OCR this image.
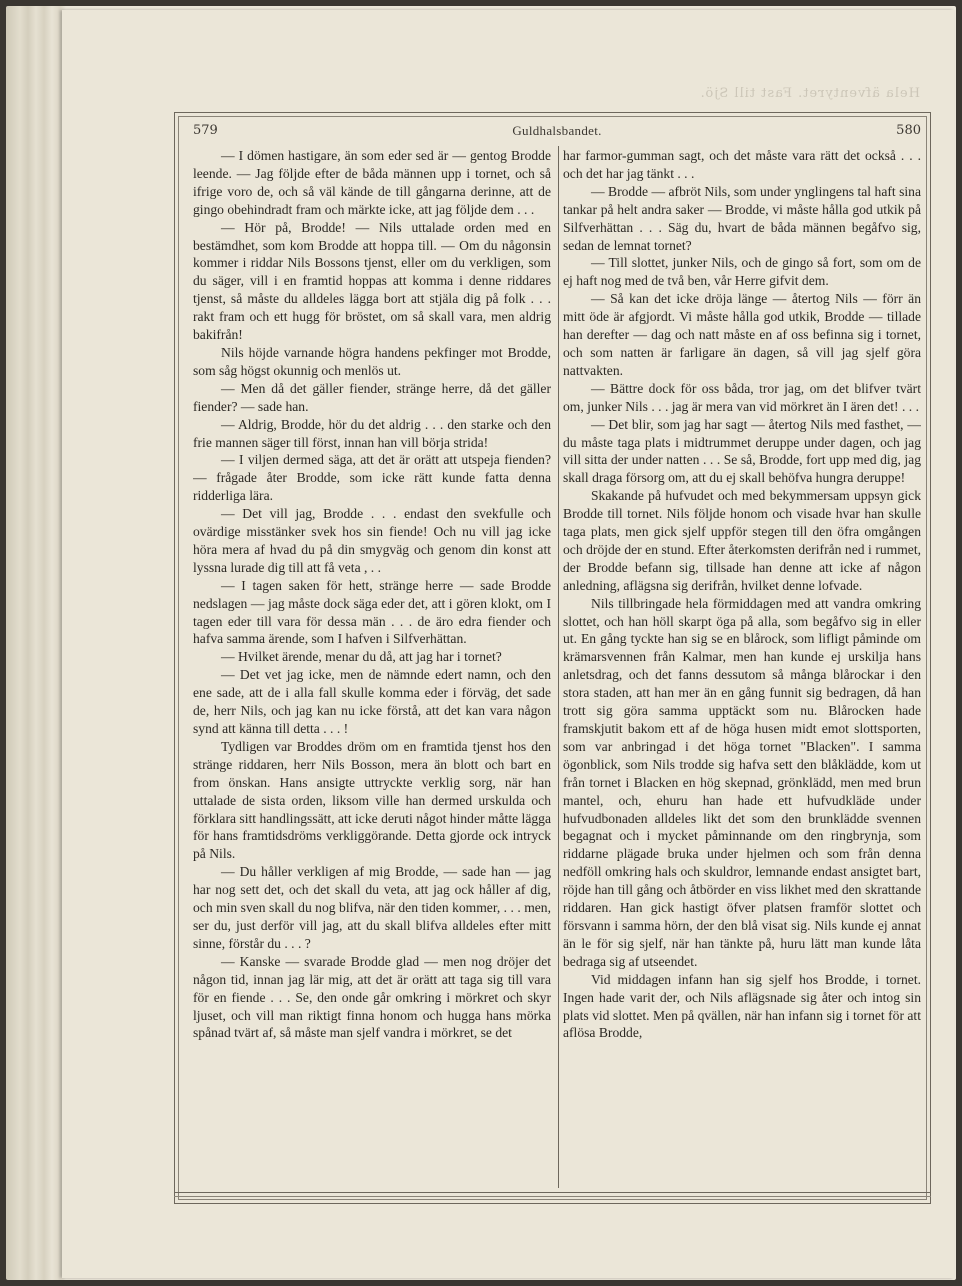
Hela äfventyret. Fast till Sjö.
Guldhalsbandet.
579	580

— I dömen hastigare, än som eder sed är — gentog Brodde leende. — Jag följde efter de båda männen upp i tornet, och så ifrige voro de, och så väl kände de till gångarna derinne, att de gingo obehindradt fram och märkte icke, att jag följde dem . . .

— Hör på, Brodde! — Nils uttalade orden med en bestämdhet, som kom Brodde att hoppa till. — Om du någonsin kommer i riddar Nils Bossons tjenst, eller om du verkligen, som du säger, vill i en framtid hoppas att komma i denne riddares tjenst, så måste du alldeles lägga bort att stjäla dig på folk . . . rakt fram och ett hugg för bröstet, om så skall vara, men aldrig bakifrån!

Nils höjde varnande högra handens pekfinger mot Brodde, som såg högst okunnig och menlös ut.

— Men då det gäller fiender, stränge herre, då det gäller fiender? — sade han.

— Aldrig, Brodde, hör du det aldrig . . . den starke och den frie mannen säger till först, innan han vill börja strida!

— I viljen dermed säga, att det är orätt att utspeja fienden? — frågade åter Brodde, som icke rätt kunde fatta denna ridderliga lära.

— Det vill jag, Brodde . . . endast den svekfulle och ovärdige misstänker svek hos sin fiende! Och nu vill jag icke höra mera af hvad du på din smygväg och genom din konst att lyssna lurade dig till att få veta , . .

— I tagen saken för hett, stränge herre — sade Brodde nedslagen — jag måste dock säga eder det, att i gören klokt, om I tagen eder till vara för dessa män . . . de äro edra fiender och hafva samma ärende, som I hafven i Silfverhättan.

— Hvilket ärende, menar du då, att jag har i tornet?

— Det vet jag icke, men de nämnde edert namn, och den ene sade, att de i alla fall skulle komma eder i förväg, det sade de, herr Nils, och jag kan nu icke förstå, att det kan vara någon synd att känna till detta . . . !

Tydligen var Broddes dröm om en framtida tjenst hos den stränge riddaren, herr Nils Bosson, mera än blott och bart en from önskan. Hans ansigte uttryckte verklig sorg, när han uttalade de sista orden, liksom ville han dermed urskulda och förklara sitt handlingssätt, att icke deruti något hinder måtte lägga för hans framtidsdröms verkliggörande. Detta gjorde ock intryck på Nils.

— Du håller verkligen af mig Brodde, — sade han — jag har nog sett det, och det skall du veta, att jag ock håller af dig, och min sven skall du nog blifva, när den tiden kommer, . . . men, ser du, just derför vill jag, att du skall blifva alldeles efter mitt sinne, förstår du . . . ?

— Kanske — svarade Brodde glad — men nog dröjer det någon tid, innan jag lär mig, att det är orätt att taga sig till vara för en fiende . . . Se, den onde går omkring i mörkret och skyr ljuset, och vill man riktigt finna honom och hugga hans mörka spånad tvärt af, så måste man sjelf vandra i mörkret, se det

har farmor-gumman sagt, och det måste vara rätt det också . . . och det har jag tänkt . . .

— Brodde — afbröt Nils, som under ynglingens tal haft sina tankar på helt andra saker — Brodde, vi måste hålla god utkik på Silfverhättan . . . Säg du, hvart de båda männen begåfvo sig, sedan de lemnat tornet?

— Till slottet, junker Nils, och de gingo så fort, som om de ej haft nog med de två ben, vår Herre gifvit dem.

— Så kan det icke dröja länge — återtog Nils — förr än mitt öde är afgjordt. Vi måste hålla god utkik, Brodde — tillade han derefter — dag och natt måste en af oss befinna sig i tornet, och som natten är farligare än dagen, så vill jag sjelf göra nattvakten.

— Bättre dock för oss båda, tror jag, om det blifver tvärt om, junker Nils . . . jag är mera van vid mörkret än I ären det! . . .

— Det blir, som jag har sagt — återtog Nils med fasthet, — du måste taga plats i midtrummet deruppe under dagen, och jag vill sitta der under natten . . . Se så, Brodde, fort upp med dig, jag skall draga försorg om, att du ej skall behöfva hungra deruppe!

Skakande på hufvudet och med bekymmersam uppsyn gick Brodde till tornet. Nils följde honom och visade hvar han skulle taga plats, men gick sjelf uppför stegen till den öfra omgången och dröjde der en stund. Efter återkomsten derifrån ned i rummet, der Brodde befann sig, tillsade han denne att icke af någon anledning, aflägsna sig derifrån, hvilket denne lofvade.

Nils tillbringade hela förmiddagen med att vandra omkring slottet, och han höll skarpt öga på alla, som begåfvo sig in eller ut. En gång tyckte han sig se en blårock, som lifligt påminde om krämarsvennen från Kalmar, men han kunde ej urskilja hans anletsdrag, och det fanns dessutom så många blårockar i den stora staden, att han mer än en gång funnit sig bedragen, då han trott sig göra samma upptäckt som nu. Blårocken hade framskjutit bakom ett af de höga husen midt emot slottsporten, som var anbringad i det höga tornet "Blacken". I samma ögonblick, som Nils trodde sig hafva sett den blåklädde, kom ut från tornet i Blacken en hög skepnad, grönklädd, men med brun mantel, och, ehuru han hade ett hufvudkläde under hufvudbonaden alldeles likt det som den brunklädde svennen begagnat och i mycket påminnande om den ringbrynja, som riddarne plägade bruka under hjelmen och som från denna nedföll omkring hals och skuldror, lemnande endast ansigtet bart, röjde han till gång och åtbörder en viss likhet med den skrattande riddaren. Han gick hastigt öfver platsen framför slottet och försvann i samma hörn, der den blå visat sig. Nils kunde ej annat än le för sig sjelf, när han tänkte på, huru lätt man kunde låta bedraga sig af utseendet.

Vid middagen infann han sig sjelf hos Brodde, i tornet. Ingen hade varit der, och Nils aflägsnade sig åter och intog sin plats vid slottet. Men på qvällen, när han infann sig i tornet för att aflösa Brodde,
